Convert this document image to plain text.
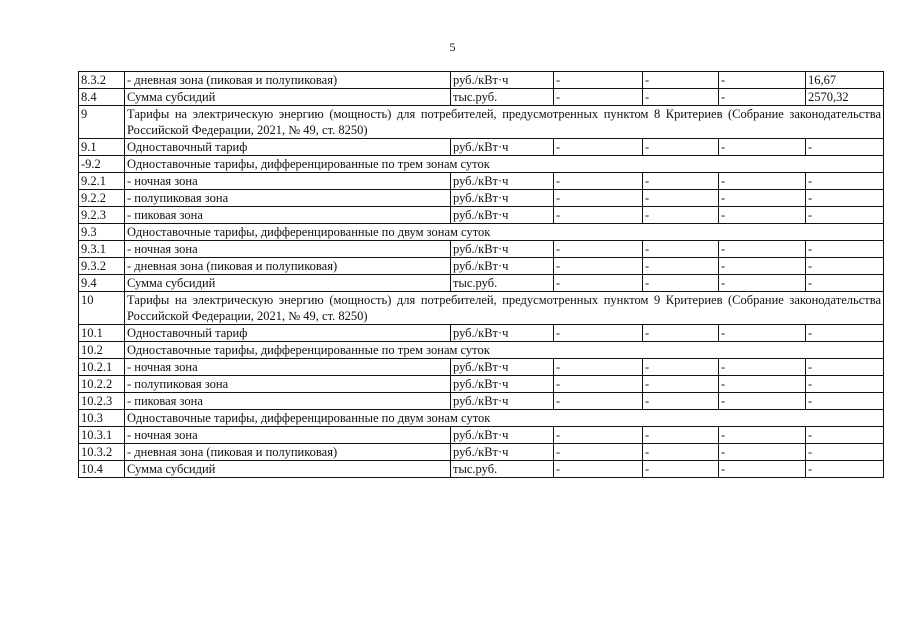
5
8.3.2	- дневная зона (пиковая и полупиковая)	руб./кВт·ч	-	-	-	16,67
8.4	Сумма субсидий	тыс.руб.	-	-	-	2570,32
9	Тарифы на электрическую энергию (мощность) для потребителей, предусмотренных пунктом 8 Критериев (Собрание законодательства Российской Федерации, 2021, № 49, ст. 8250)					
9.1	Одноставочный тариф	руб./кВт·ч	-	-	-	-
-9.2	Одноставочные тарифы, дифференцированные по трем зонам суток					
9.2.1	- ночная зона	руб./кВт·ч	-	-	-	-
9.2.2	- полупиковая зона	руб./кВт·ч	-	-	-	-
9.2.3	- пиковая зона	руб./кВт·ч	-	-	-	-
9.3	Одноставочные тарифы, дифференцированные по двум зонам суток					
9.3.1	- ночная зона	руб./кВт·ч	-	-	-	-
9.3.2	- дневная зона (пиковая и полупиковая)	руб./кВт·ч	-	-	-	-
9.4	Сумма субсидий	тыс.руб.	-	-	-	-
10	Тарифы на электрическую энергию (мощность) для потребителей, предусмотренных пунктом 9 Критериев (Собрание законодательства Российской Федерации, 2021, № 49, ст. 8250)					
10.1	Одноставочный тариф	руб./кВт·ч	-	-	-	-
10.2	Одноставочные тарифы, дифференцированные по трем зонам суток					
10.2.1	- ночная зона	руб./кВт·ч	-	-	-	-
10.2.2	- полупиковая зона	руб./кВт·ч	-	-	-	-
10.2.3	- пиковая зона	руб./кВт·ч	-	-	-	-
10.3	Одноставочные тарифы, дифференцированные по двум зонам суток					
10.3.1	- ночная зона	руб./кВт·ч	-	-	-	-
10.3.2	- дневная зона (пиковая и полупиковая)	руб./кВт·ч	-	-	-	-
10.4	Сумма субсидий	тыс.руб.	-	-	-	-
